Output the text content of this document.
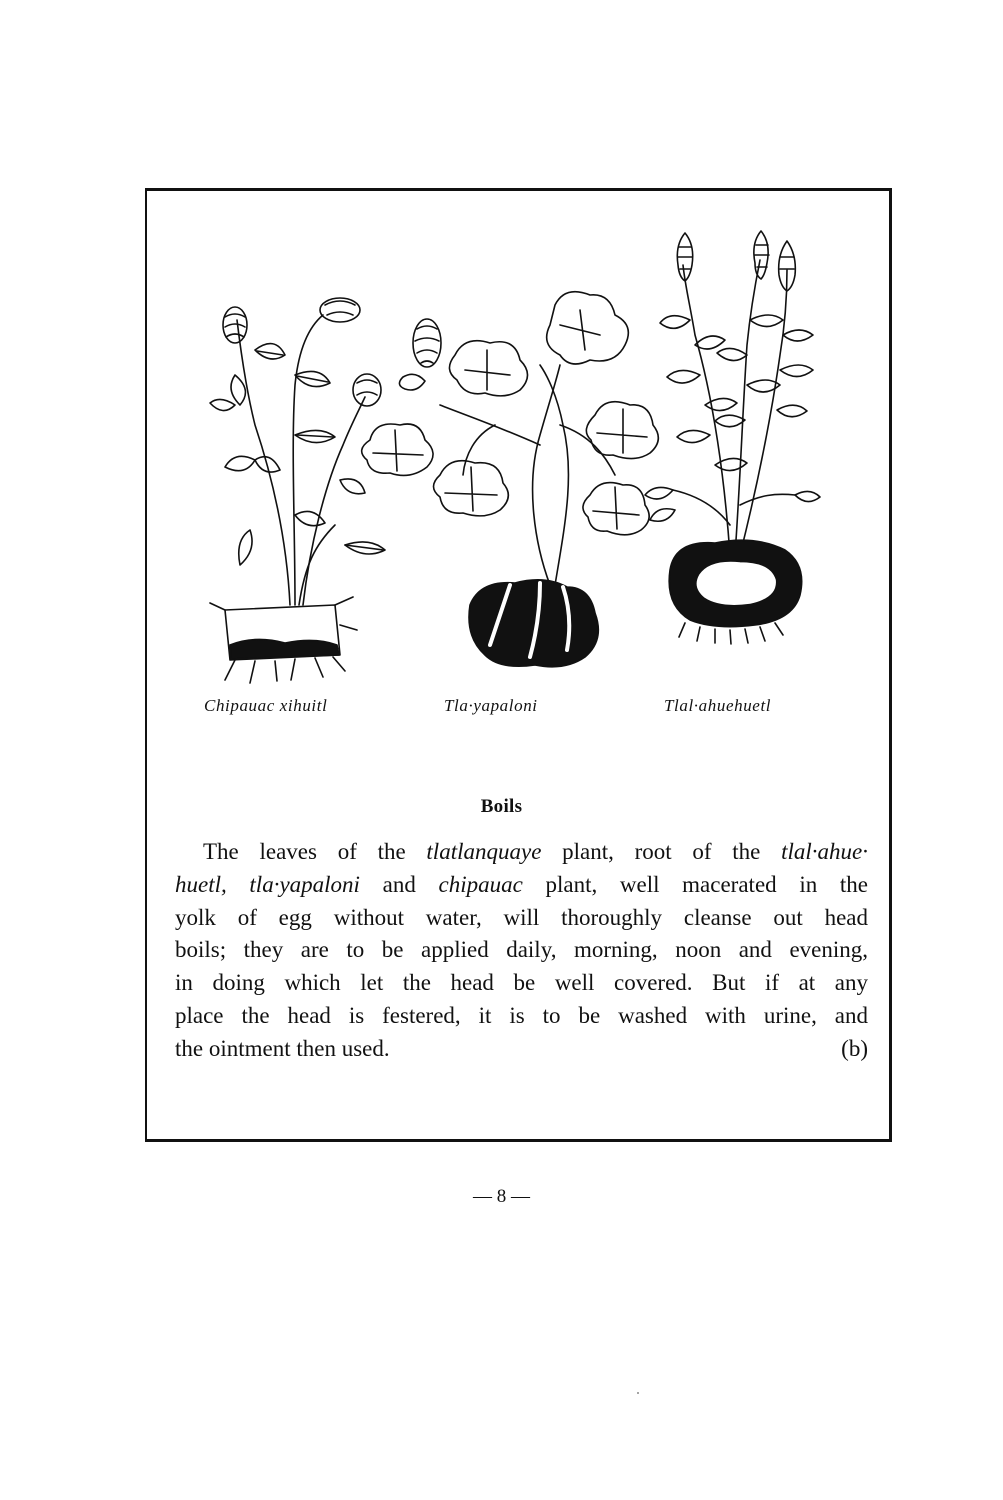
Chipauac xihuitl	Tla·yapaloni	Tlal·ahuehuetl
Boils
The leaves of the tlatlanquaye plant, root of the tlal·ahue·
huetl, tla·yapaloni and chipauac plant, well macerated in the
yolk of egg without water, will thoroughly cleanse out head
boils; they are to be applied daily, morning, noon and evening,
in doing which let the head be well covered. But if at any
place the head is festered, it is to be washed with urine, and
the ointment then used.	(b)
— 8 —
